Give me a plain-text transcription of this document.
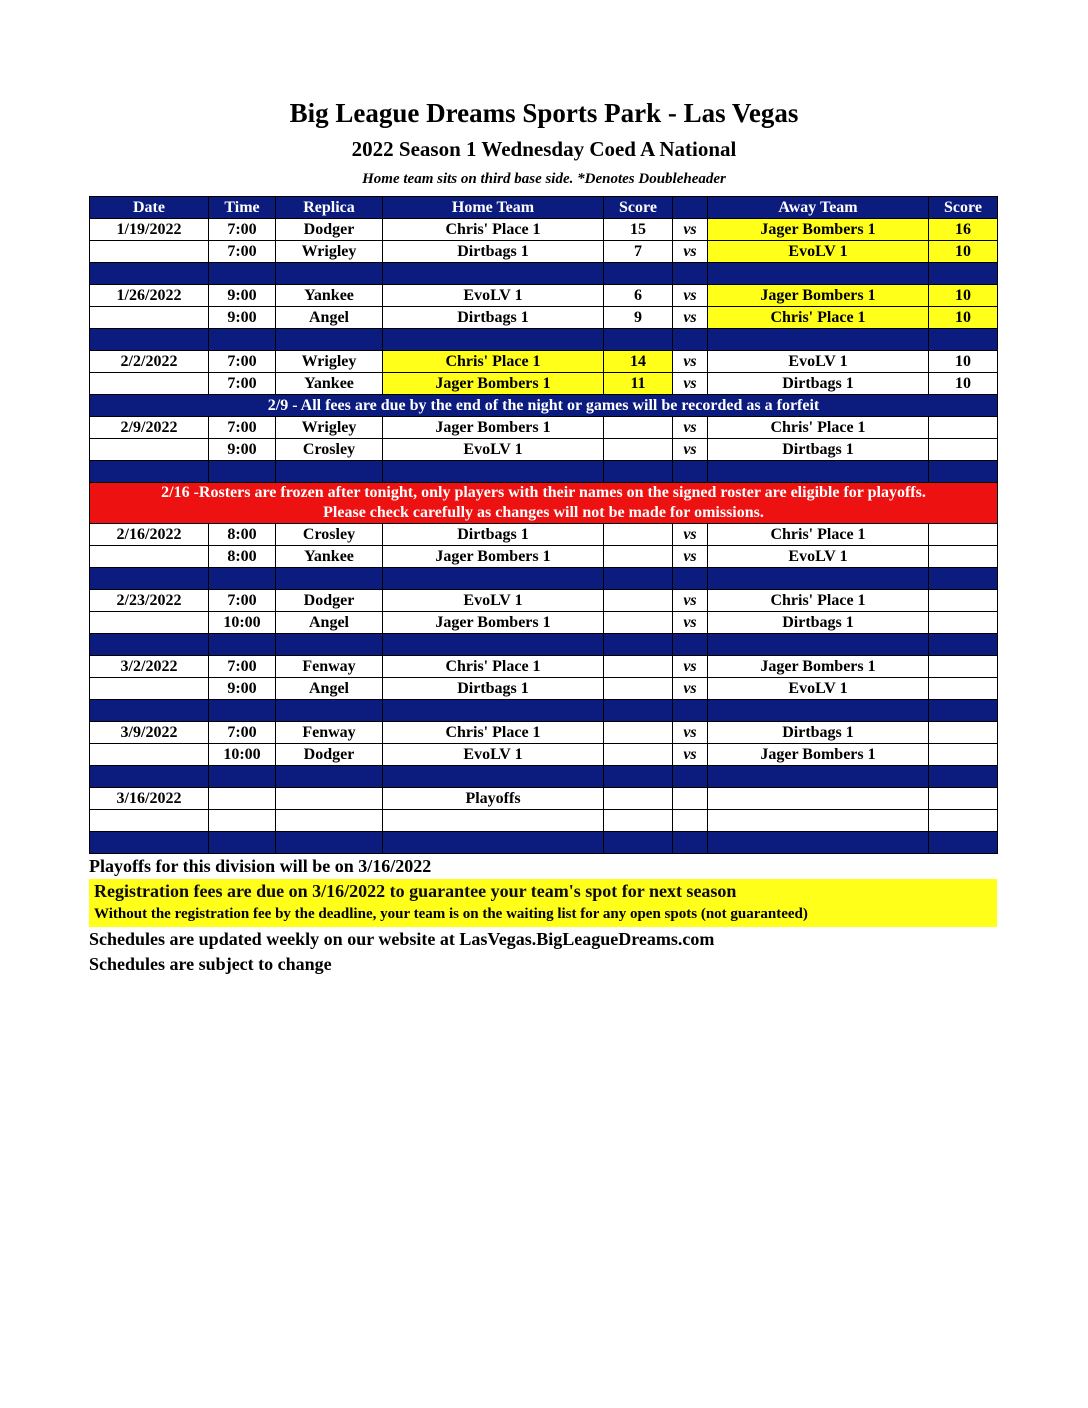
Big League Dreams Sports Park - Las Vegas
2022 Season 1 Wednesday Coed A National
Home team sits on third base side. *Denotes Doubleheader
Date	Time	Replica	Home Team	Score		Away Team	Score
1/19/2022	7:00	Dodger	Chris' Place 1	15	vs	Jager Bombers 1	16
	7:00	Wrigley	Dirtbags 1	7	vs	EvoLV 1	10

1/26/2022	9:00	Yankee	EvoLV 1	6	vs	Jager Bombers 1	10
	9:00	Angel	Dirtbags 1	9	vs	Chris' Place 1	10

2/2/2022	7:00	Wrigley	Chris' Place 1	14	vs	EvoLV 1	10
	7:00	Yankee	Jager Bombers 1	11	vs	Dirtbags 1	10
2/9 - All fees are due by the end of the night or games will be recorded as a forfeit							
2/9/2022	7:00	Wrigley	Jager Bombers 1		vs	Chris' Place 1	
	9:00	Crosley	EvoLV 1		vs	Dirtbags 1	

2/16 -Rosters are frozen after tonight, only players with their names on the signed roster are eligible for playoffs.
Please check carefully as changes will not be made for omissions.							

2/16/2022	8:00	Crosley	Dirtbags 1		vs	Chris' Place 1	
	8:00	Yankee	Jager Bombers 1		vs	EvoLV 1	

2/23/2022	7:00	Dodger	EvoLV 1		vs	Chris' Place 1	
	10:00	Angel	Jager Bombers 1		vs	Dirtbags 1	

3/2/2022	7:00	Fenway	Chris' Place 1		vs	Jager Bombers 1	
	9:00	Angel	Dirtbags 1		vs	EvoLV 1	

3/9/2022	7:00	Fenway	Chris' Place 1		vs	Dirtbags 1	
	10:00	Dodger	EvoLV 1		vs	Jager Bombers 1	

3/16/2022			Playoffs				

Playoffs for this division will be on 3/16/2022
Registration fees are due on 3/16/2022 to guarantee your team's spot for next season
Without the registration fee by the deadline, your team is on the waiting list for any open spots (not guaranteed)
Schedules are updated weekly on our website at LasVegas.BigLeagueDreams.com
Schedules are subject to change
